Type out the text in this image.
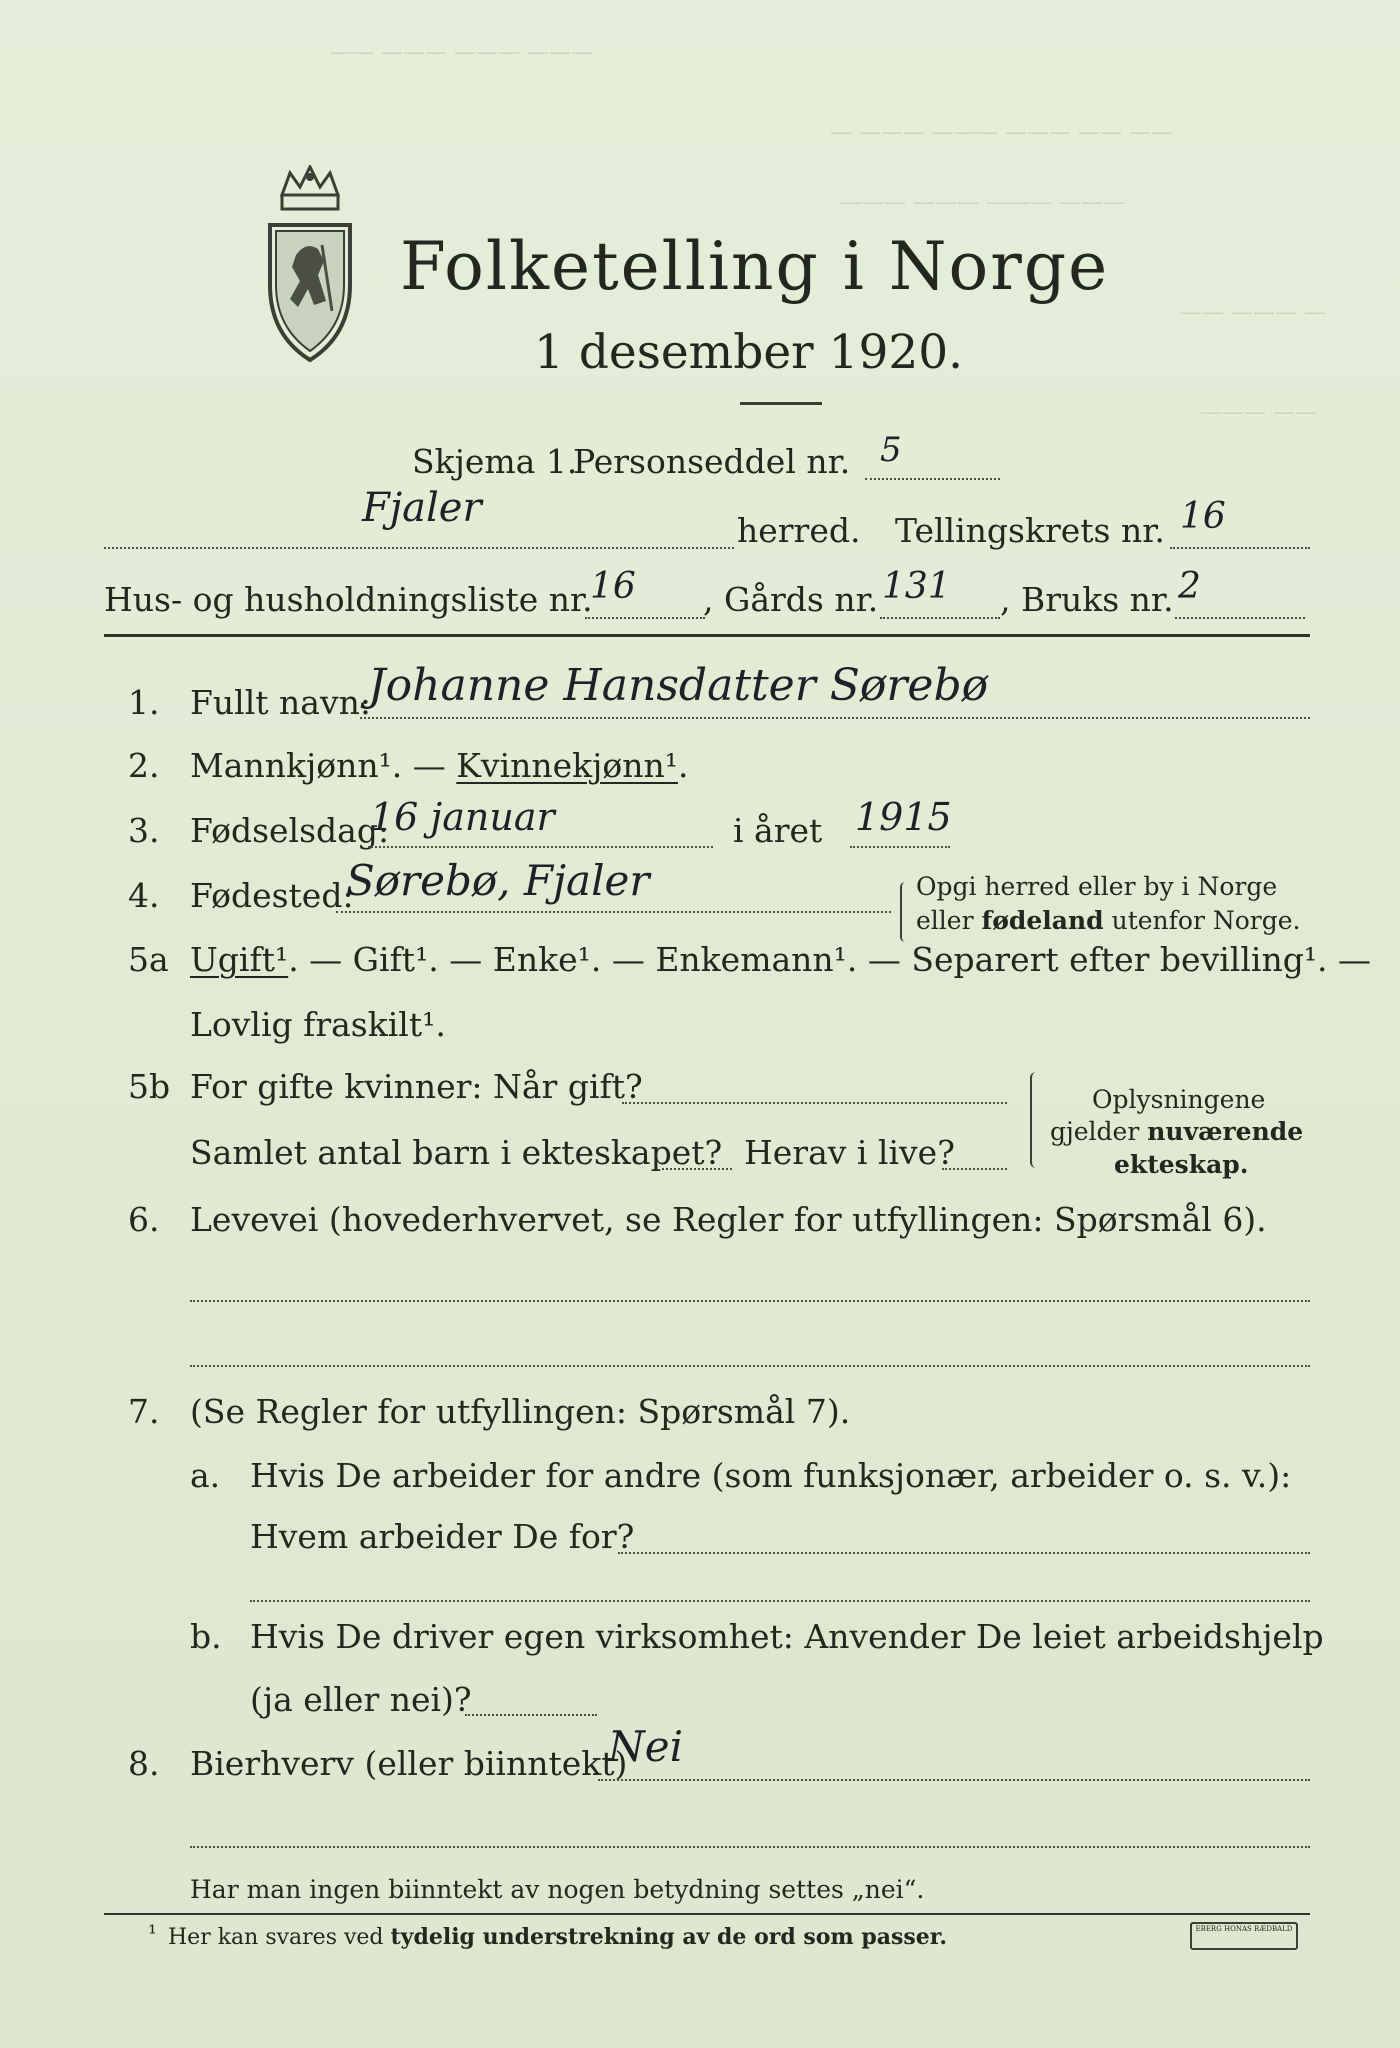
—— ——— ——— ———
— ——— ——— ——— —— ——
——— ——— ——— ———
—— ——— —
——— ——
Folketelling i Norge
1 desember 1920.
Skjema 1.
Personseddel nr. 5
Fjaler	herred. Tellingskrets nr. 16
Hus- og husholdningsliste nr.
16 , Gårds nr. 131 , Bruks nr. 2
1. Fullt navn:
Johanne Hansdatter Sørebø
2. Mannkjønn¹. — Kvinnekjønn¹.
3. Fødselsdag:
16 januar	i året 1915
4. Fødested:
Sørebø, Fjaler	Opgi herred eller by i Norge
eller fødeland utenfor Norge.
5a Ugift¹. — Gift¹. — Enke¹. — Enkemann¹. — Separert efter bevilling¹. —
Lovlig fraskilt¹.
5b For gifte kvinner: Når gift?
Samlet antal barn i ekteskapet? Herav i live?
Oplysningene
gjelder nuværende
ekteskap.
6. Levevei (hovederhvervet, se Regler for utfyllingen: Spørsmål 6).
7. (Se Regler for utfyllingen: Spørsmål 7).
a. Hvis De arbeider for andre (som funksjonær, arbeider o. s. v.):
Hvem arbeider De for?
b. Hvis De driver egen virksomhet: Anvender De leiet arbeidshjelp
(ja eller nei)?
8. Bierhverv (eller biinntekt)
Nei
Har man ingen biinntekt av nogen betydning settes „nei“.
¹ Her kan svares ved tydelig understrekning av de ord som passer.	EBERG HONAS RÆDBALD
